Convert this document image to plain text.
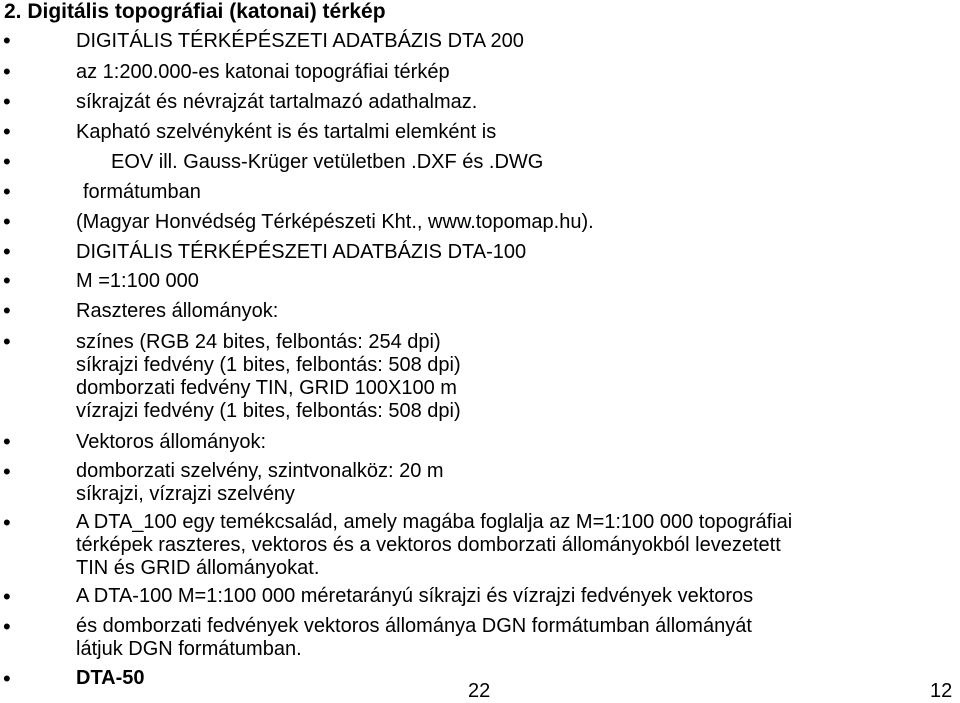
2. Digitális topográfiai (katonai) térkép
•	DIGITÁLIS TÉRKÉPÉSZETI ADATBÁZIS DTA 200
•	az 1:200.000-es katonai topográfiai térkép
•	síkrajzát és névrajzát tartalmazó adathalmaz.
•	Kapható szelvényként is és tartalmi elemként is
•	EOV ill. Gauss-Krüger vetületben .DXF és .DWG
•	formátumban
•	(Magyar Honvédség Térképészeti Kht., www.topomap.hu).
•	DIGITÁLIS TÉRKÉPÉSZETI ADATBÁZIS DTA-100
•	M =1:100 000
•	Raszteres állományok:
•	színes (RGB 24 bites, felbontás: 254 dpi)
síkrajzi fedvény (1 bites, felbontás: 508 dpi)
domborzati fedvény TIN, GRID 100X100 m
vízrajzi fedvény (1 bites, felbontás: 508 dpi)
•	Vektoros állományok:
•	domborzati szelvény, szintvonalköz: 20 m
síkrajzi, vízrajzi szelvény
•	A DTA_100 egy temékcsalád, amely magába foglalja az M=1:100 000 topográfiai
térképek raszteres, vektoros és a vektoros domborzati állományokból levezetett
TIN és GRID állományokat.
•	A DTA-100 M=1:100 000 méretarányú síkrajzi és vízrajzi fedvények vektoros
•	és domborzati fedvények vektoros állománya DGN formátumban állományát
látjuk DGN formátumban.
•	DTA-50
22	12
